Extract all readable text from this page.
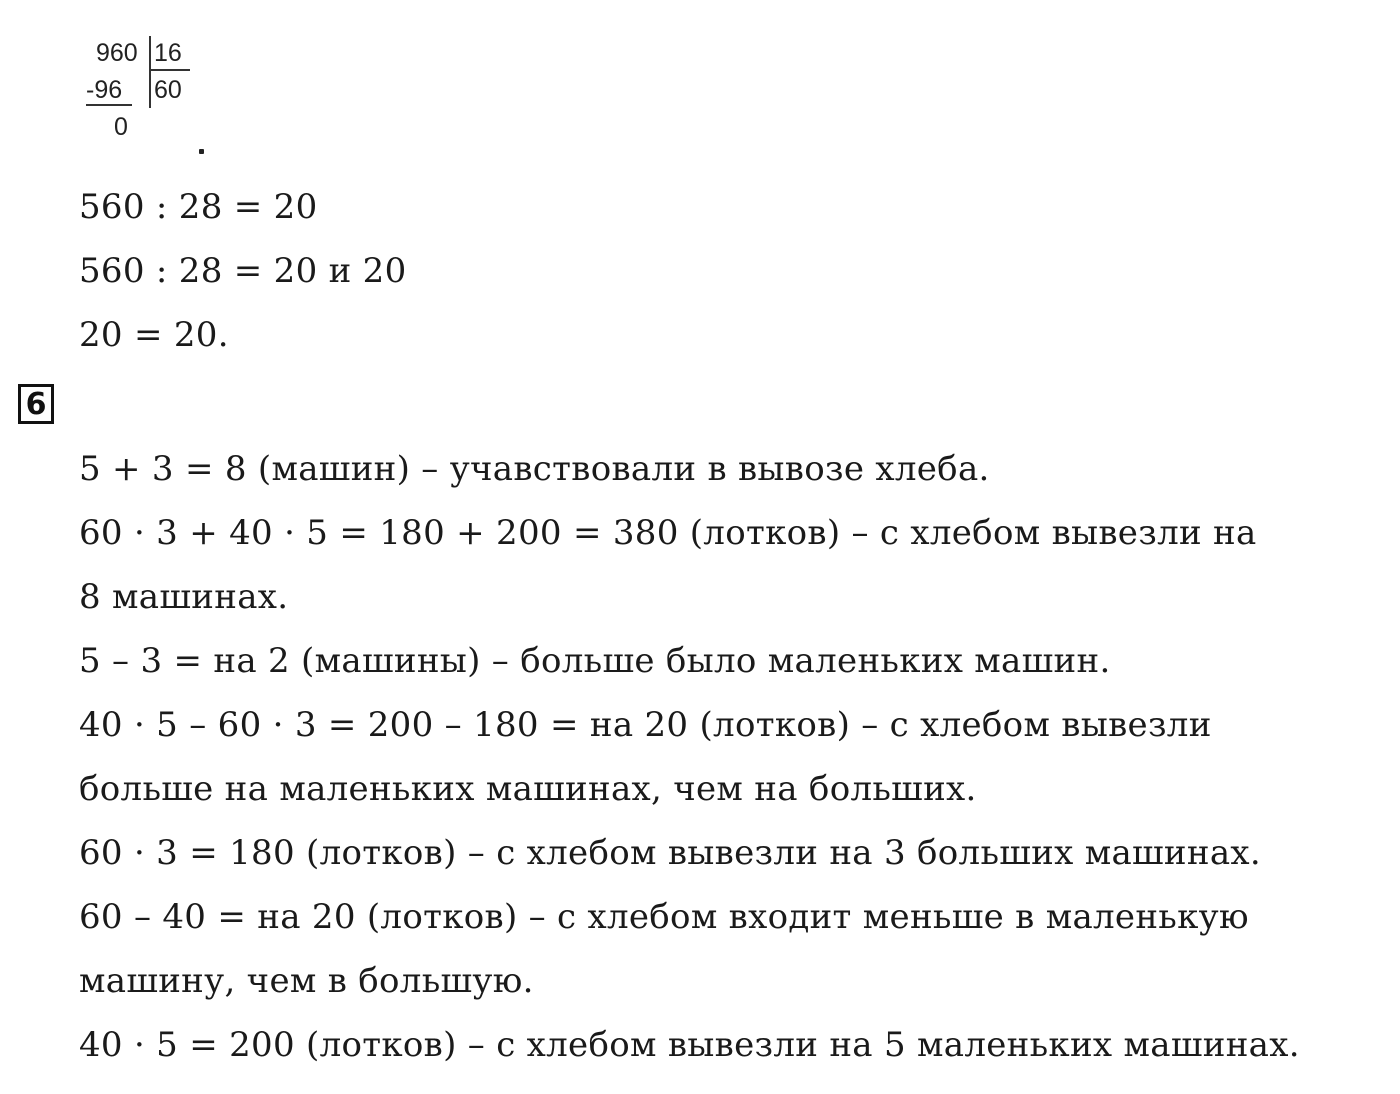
960 16
-96 60
0
560 : 28 = 20
560 : 28 = 20 и 20
20 = 20.
6
5 + 3 = 8 (машин) – учавствовали в вывозе хлеба.
60 · 3 + 40 · 5 = 180 + 200 = 380 (лотков) – с хлебом вывезли на
8 машинах.
5 – 3 = на 2 (машины) – больше было маленьких машин.
40 · 5 – 60 · 3 = 200 – 180 = на 20 (лотков) – с хлебом вывезли
больше на маленьких машинах, чем на больших.
60 · 3 = 180 (лотков) – с хлебом вывезли на 3 больших машинах.
60 – 40 = на 20 (лотков) – с хлебом входит меньше в маленькую
машину, чем в большую.
40 · 5 = 200 (лотков) – с хлебом вывезли на 5 маленьких машинах.
